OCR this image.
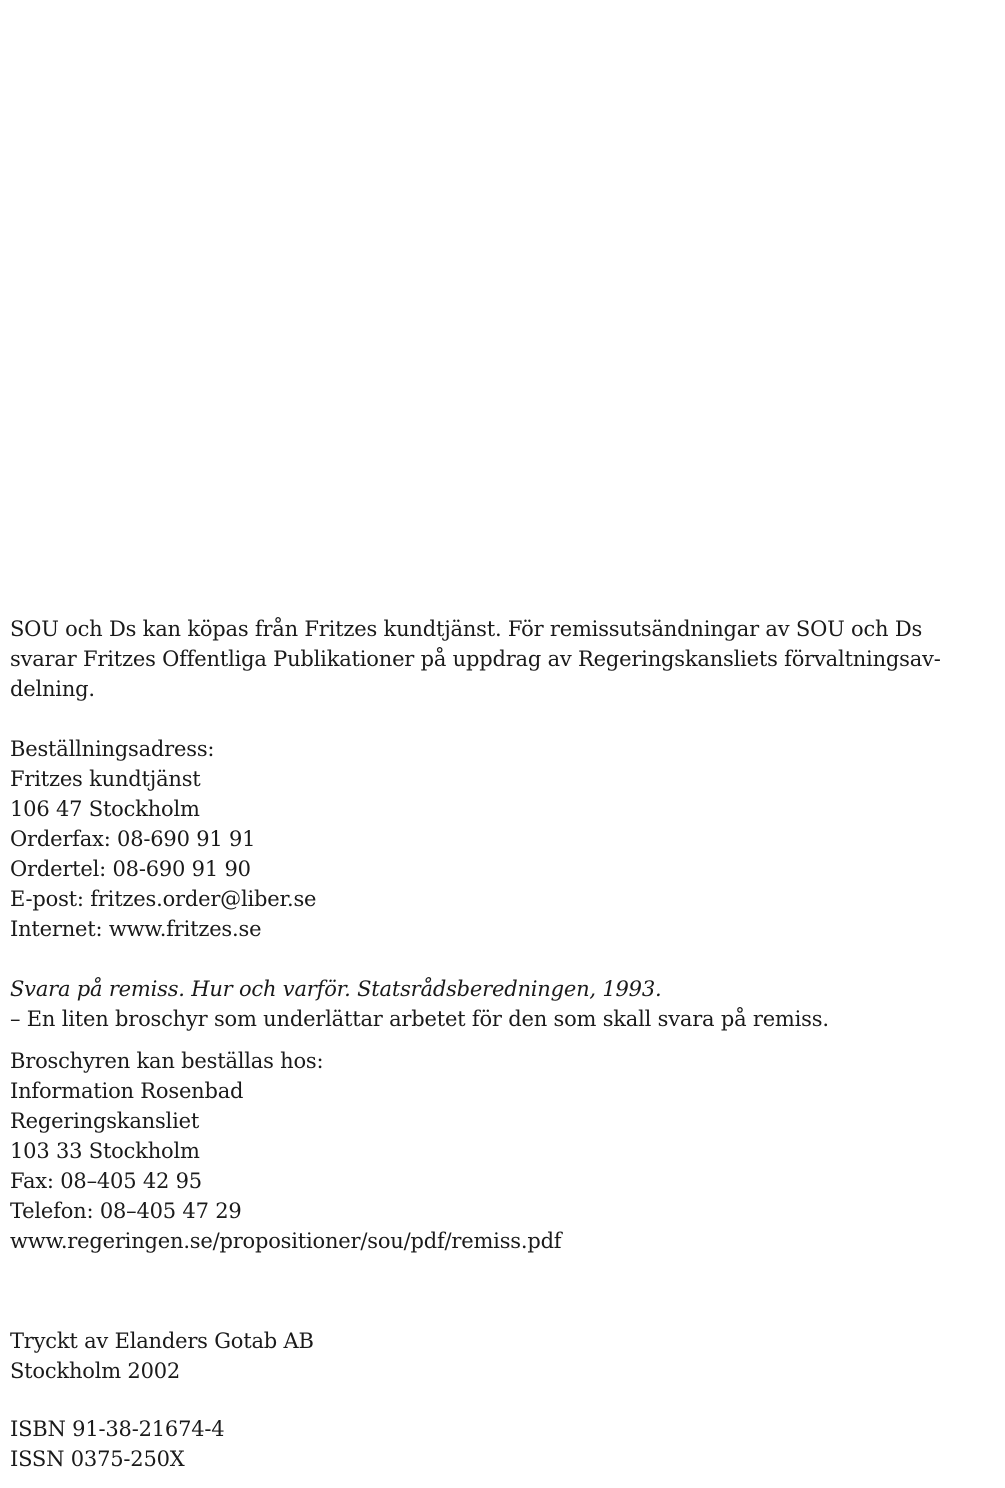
SOU och Ds kan köpas från Fritzes kundtjänst. För remissutsändningar av SOU och Ds svarar Fritzes Offentliga Publikationer på uppdrag av Regeringskansliets förvaltningsav-delning.
Beställningsadress:
Fritzes kundtjänst
106 47 Stockholm
Orderfax: 08-690 91 91
Ordertel: 08-690 91 90
E-post: fritzes.order@liber.se
Internet: www.fritzes.se
Svara på remiss. Hur och varför. Statsrådsberedningen, 1993.
– En liten broschyr som underlättar arbetet för den som skall svara på remiss.
Broschyren kan beställas hos:
Information Rosenbad
Regeringskansliet
103 33 Stockholm
Fax: 08–405 42 95
Telefon: 08–405 47 29
www.regeringen.se/propositioner/sou/pdf/remiss.pdf
Tryckt av Elanders Gotab AB
Stockholm 2002
ISBN 91-38-21674-4
ISSN 0375-250X
